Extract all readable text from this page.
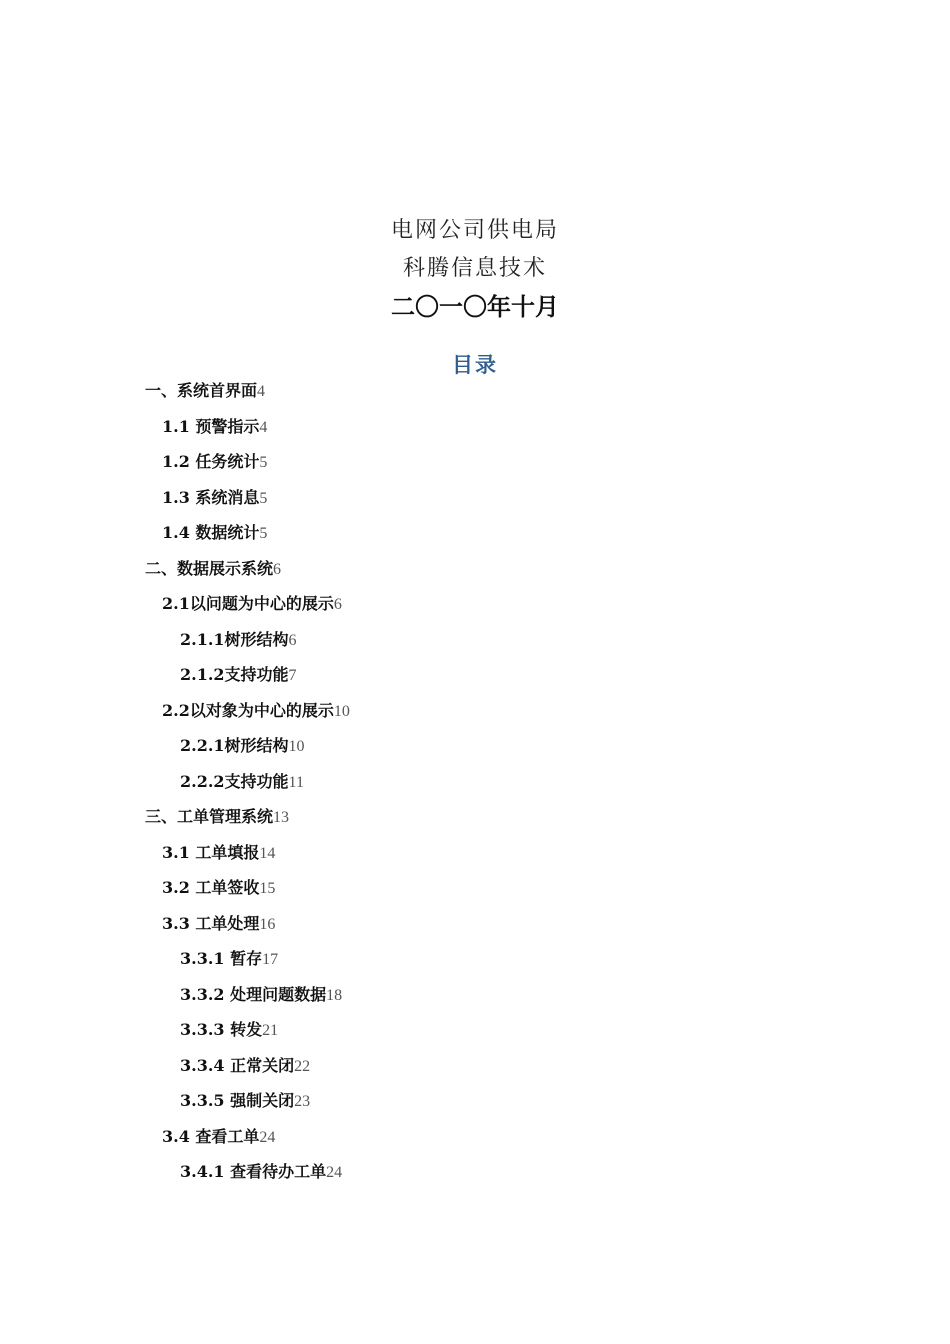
电网公司供电局
科腾信息技术
二〇一〇年十月
目录
一、系统首界面4
1.1 预警指示4
1.2 任务统计5
1.3 系统消息5
1.4 数据统计5
二、数据展示系统6
2.1以问题为中心的展示6
2.1.1树形结构6
2.1.2支持功能7
2.2以对象为中心的展示10
2.2.1树形结构10
2.2.2支持功能11
三、工单管理系统13
3.1 工单填报14
3.2 工单签收15
3.3 工单处理16
3.3.1 暂存17
3.3.2 处理问题数据18
3.3.3 转发21
3.3.4 正常关闭22
3.3.5 强制关闭23
3.4 查看工单24
3.4.1 查看待办工单24
